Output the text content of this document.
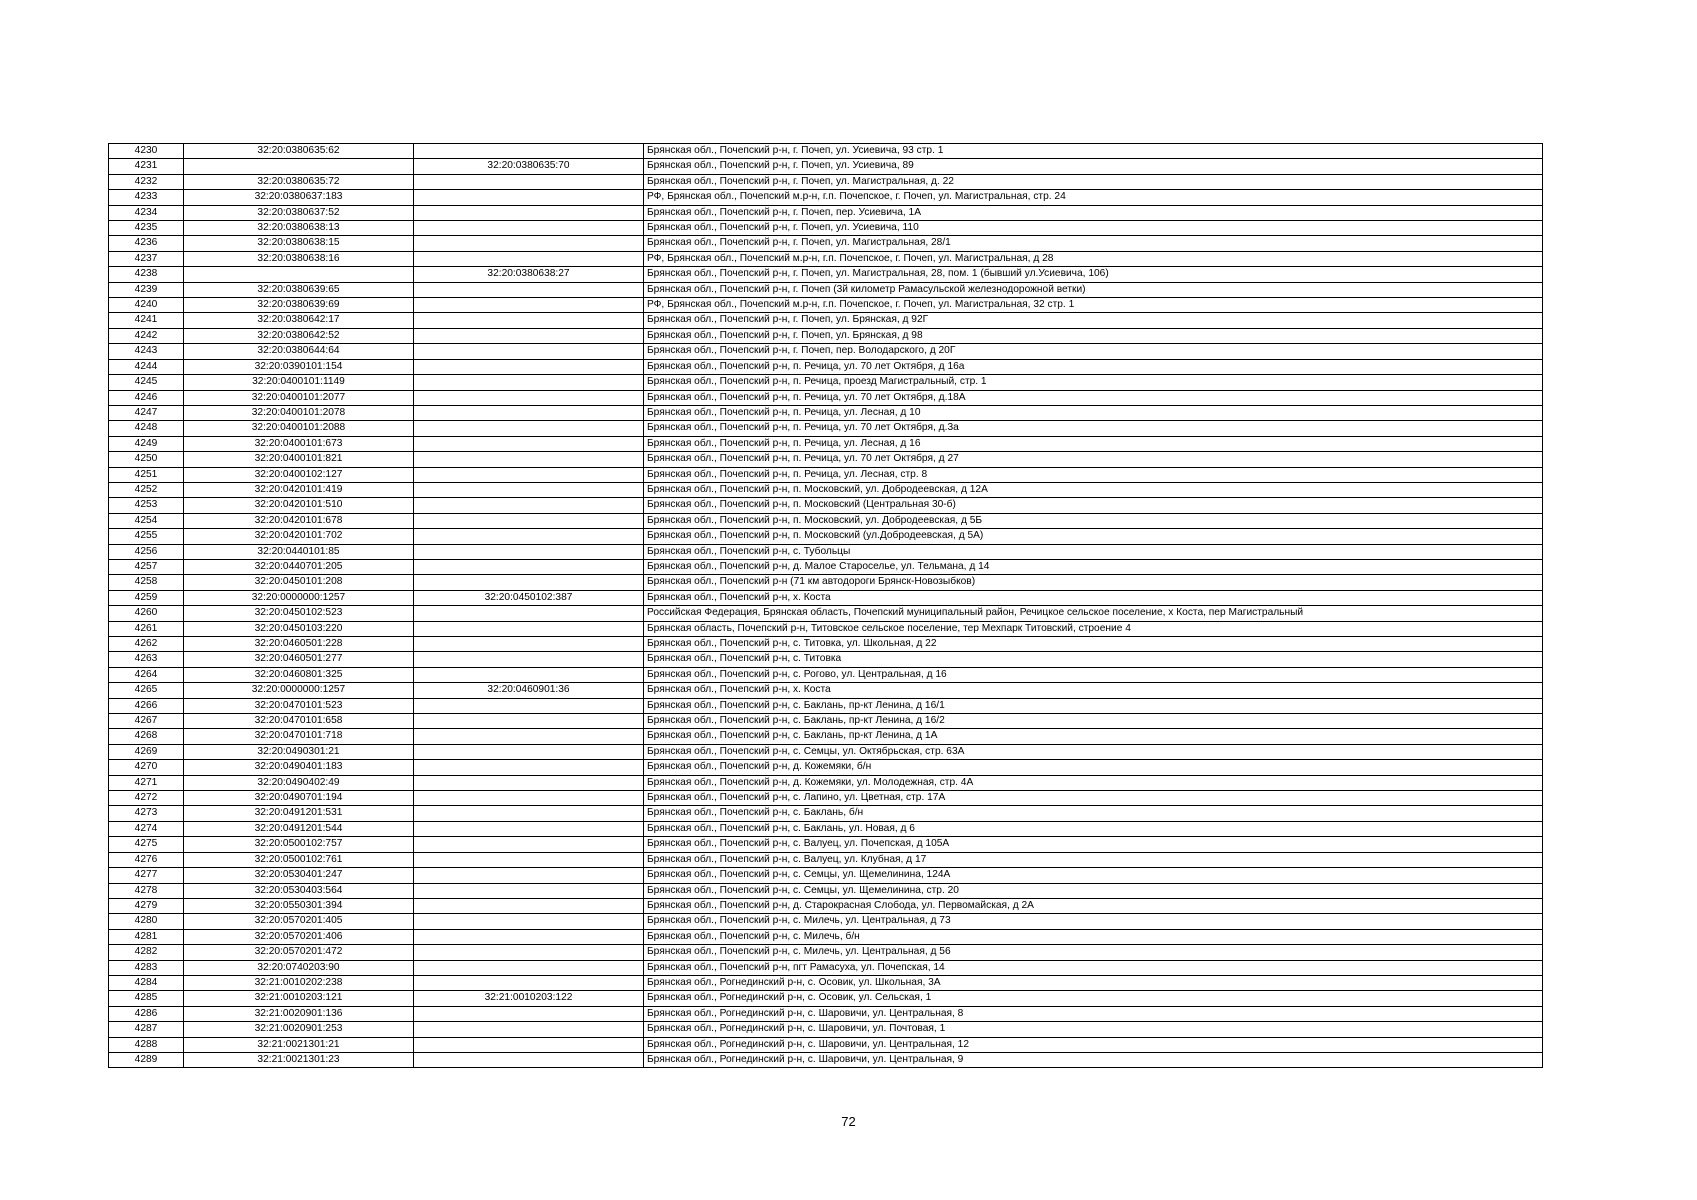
4230	32:20:0380635:62		Брянская обл., Почепский р-н, г. Почеп, ул. Усиевича, 93 стр. 1
4231		32:20:0380635:70	Брянская обл., Почепский р-н, г. Почеп, ул. Усиевича, 89
4232	32:20:0380635:72		Брянская обл., Почепский р-н, г. Почеп, ул. Магистральная, д. 22
4233	32:20:0380637:183		РФ, Брянская обл., Почепский м.р-н, г.п. Почепское, г. Почеп, ул. Магистральная, стр. 24
4234	32:20:0380637:52		Брянская обл., Почепский р-н, г. Почеп, пер. Усиевича, 1А
4235	32:20:0380638:13		Брянская обл., Почепский р-н, г. Почеп, ул. Усиевича, 110
4236	32:20:0380638:15		Брянская обл., Почепский р-н, г. Почеп, ул. Магистральная, 28/1
4237	32:20:0380638:16		РФ, Брянская обл., Почепский м.р-н, г.п. Почепское, г. Почеп, ул. Магистральная, д 28
4238		32:20:0380638:27	Брянская обл., Почепский р-н, г. Почеп, ул. Магистральная, 28, пом. 1 (бывший ул.Усиевича, 106)
4239	32:20:0380639:65		Брянская обл., Почепский р-н, г. Почеп (3й километр Рамасульской железнодорожной ветки)
4240	32:20:0380639:69		РФ, Брянская обл., Почепский м.р-н, г.п. Почепское, г. Почеп, ул. Магистральная, 32 стр. 1
4241	32:20:0380642:17		Брянская обл., Почепский р-н, г. Почеп, ул. Брянская, д 92Г
4242	32:20:0380642:52		Брянская обл., Почепский р-н, г. Почеп, ул. Брянская, д 98
4243	32:20:0380644:64		Брянская обл., Почепский р-н, г. Почеп, пер. Володарского, д 20Г
4244	32:20:0390101:154		Брянская обл., Почепский р-н, п. Речица, ул. 70 лет Октября, д 16а
4245	32:20:0400101:1149		Брянская обл., Почепский р-н, п. Речица, проезд Магистральный, стр. 1
4246	32:20:0400101:2077		Брянская обл., Почепский р-н, п. Речица, ул. 70 лет Октября, д.18А
4247	32:20:0400101:2078		Брянская обл., Почепский р-н, п. Речица, ул. Лесная, д 10
4248	32:20:0400101:2088		Брянская обл., Почепский р-н, п. Речица, ул. 70 лет Октября, д.3а
4249	32:20:0400101:673		Брянская обл., Почепский р-н, п. Речица, ул. Лесная, д 16
4250	32:20:0400101:821		Брянская обл., Почепский р-н, п. Речица, ул. 70 лет Октября, д 27
4251	32:20:0400102:127		Брянская обл., Почепский р-н, п. Речица, ул. Лесная, стр. 8
4252	32:20:0420101:419		Брянская обл., Почепский р-н, п. Московский, ул. Добродеевская, д 12А
4253	32:20:0420101:510		Брянская обл., Почепский р-н, п. Московский (Центральная 30-б)
4254	32:20:0420101:678		Брянская обл., Почепский р-н, п. Московский, ул. Добродеевская, д 5Б
4255	32:20:0420101:702		Брянская обл., Почепский р-н, п. Московский (ул.Добродеевская, д 5А)
4256	32:20:0440101:85		Брянская обл., Почепский р-н, с. Тубольцы
4257	32:20:0440701:205		Брянская обл., Почепский р-н, д. Малое Староселье, ул. Тельмана, д 14
4258	32:20:0450101:208		Брянская обл., Почепский р-н (71 км автодороги Брянск-Новозыбков)
4259	32:20:0000000:1257	32:20:0450102:387	Брянская обл., Почепский р-н, х. Коста
4260	32:20:0450102:523		Российская Федерация, Брянская область, Почепский муниципальный район, Речицкое сельское поселение, х Коста, пер Магистральный
4261	32:20:0450103:220		Брянская область, Почепский р-н, Титовское сельское поселение, тер Мехпарк Титовский, строение 4
4262	32:20:0460501:228		Брянская обл., Почепский р-н, с. Титовка, ул. Школьная, д 22
4263	32:20:0460501:277		Брянская обл., Почепский р-н, с. Титовка
4264	32:20:0460801:325		Брянская обл., Почепский р-н, с. Рогово, ул. Центральная, д 16
4265	32:20:0000000:1257	32:20:0460901:36	Брянская обл., Почепский р-н, х. Коста
4266	32:20:0470101:523		Брянская обл., Почепский р-н, с. Баклань, пр-кт Ленина, д 16/1
4267	32:20:0470101:658		Брянская обл., Почепский р-н, с. Баклань, пр-кт Ленина, д 16/2
4268	32:20:0470101:718		Брянская обл., Почепский р-н, с. Баклань, пр-кт Ленина, д 1А
4269	32:20:0490301:21		Брянская обл., Почепский р-н, с. Семцы, ул. Октябрьская, стр. 63А
4270	32:20:0490401:183		Брянская обл., Почепский р-н, д. Кожемяки, б/н
4271	32:20:0490402:49		Брянская обл., Почепский р-н, д. Кожемяки, ул. Молодежная, стр. 4А
4272	32:20:0490701:194		Брянская обл., Почепский р-н, с. Лапино, ул. Цветная, стр. 17А
4273	32:20:0491201:531		Брянская обл., Почепский р-н, с. Баклань, б/н
4274	32:20:0491201:544		Брянская обл., Почепский р-н, с. Баклань, ул. Новая, д 6
4275	32:20:0500102:757		Брянская обл., Почепский р-н, с. Валуец, ул. Почепская, д 105А
4276	32:20:0500102:761		Брянская обл., Почепский р-н, с. Валуец, ул. Клубная, д 17
4277	32:20:0530401:247		Брянская обл., Почепский р-н, с. Семцы, ул. Щемелинина, 124А
4278	32:20:0530403:564		Брянская обл., Почепский р-н, с. Семцы, ул. Щемелинина, стр. 20
4279	32:20:0550301:394		Брянская обл., Почепский р-н, д. Старокрасная Слобода, ул. Первомайская, д 2А
4280	32:20:0570201:405		Брянская обл., Почепский р-н, с. Милечь, ул. Центральная, д 73
4281	32:20:0570201:406		Брянская обл., Почепский р-н, с. Милечь, б/н
4282	32:20:0570201:472		Брянская обл., Почепский р-н, с. Милечь, ул. Центральная, д 56
4283	32:20:0740203:90		Брянская обл., Почепский р-н, пгт Рамасуха, ул. Почепская, 14
4284	32:21:0010202:238		Брянская обл., Рогнединский р-н, с. Осовик, ул. Школьная, 3А
4285	32:21:0010203:121	32:21:0010203:122	Брянская обл., Рогнединский р-н, с. Осовик, ул. Сельская, 1
4286	32:21:0020901:136		Брянская обл., Рогнединский р-н, с. Шаровичи, ул. Центральная, 8
4287	32:21:0020901:253		Брянская обл., Рогнединский р-н, с. Шаровичи, ул. Почтовая, 1
4288	32:21:0021301:21		Брянская обл., Рогнединский р-н, с. Шаровичи, ул. Центральная, 12
4289	32:21:0021301:23		Брянская обл., Рогнединский р-н, с. Шаровичи, ул. Центральная, 9
72
